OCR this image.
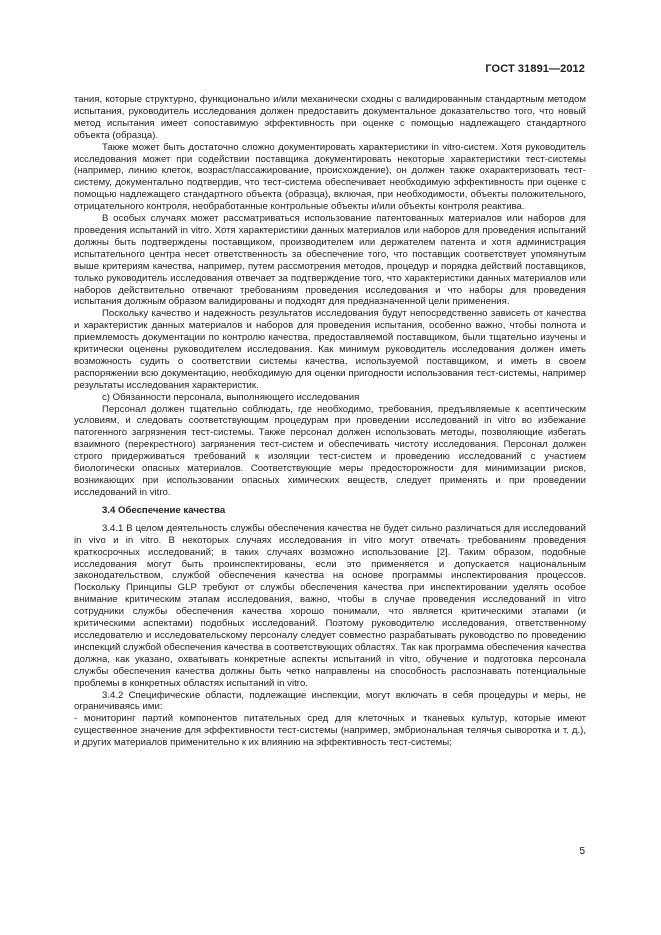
ГОСТ 31891—2012

тания, которые структурно, функционально и/или механически сходны с валидированным стандартным методом испытания, руководитель исследования должен предоставить документальное доказательство того, что новый метод испытания имеет сопоставимую эффективность при оценке с помощью надлежащего стандартного объекта (образца).

Также может быть достаточно сложно документировать характеристики in vitro-систем. Хотя руководитель исследования может при содействии поставщика документировать некоторые характеристики тест-системы (например, линию клеток, возраст/пассажирование, происхождение), он должен также охарактеризовать тест-систему, документально подтвердив, что тест-система обеспечивает необходимую эффективность при оценке с помощью надлежащего стандартного объекта (образца), включая, при необходимости, объекты положительного, отрицательного контроля, необработанные контрольные объекты и/или объекты контроля реактива.

В особых случаях может рассматриваться использование патентованных материалов или наборов для проведения испытаний in vitro. Хотя характеристики данных материалов или наборов для проведения испытаний должны быть подтверждены поставщиком, производителем или держателем патента и хотя администрация испытательного центра несет ответственность за обеспечение того, что поставщик соответствует упомянутым выше критериям качества, например, путем рассмотрения методов, процедур и порядка действий поставщиков, только руководитель исследования отвечает за подтверждение того, что характеристики данных материалов или наборов действительно отвечают требованиям проведения исследования и что наборы для проведения испытания должным образом валидированы и подходят для предназначенной цели применения.

Поскольку качество и надежность результатов исследования будут непосредственно зависеть от качества и характеристик данных материалов и наборов для проведения испытания, особенно важно, чтобы полнота и приемлемость документации по контролю качества, предоставляемой поставщиком, были тщательно изучены и критически оценены руководителем исследования. Как минимум руководитель исследования должен иметь возможность судить о соответствии системы качества, используемой поставщиком, и иметь в своем распоряжении всю документацию, необходимую для оценки пригодности использования тест-системы, например результаты исследования характеристик.

с) Обязанности персонала, выполняющего исследования

Персонал должен тщательно соблюдать, где необходимо, требования, предъявляемые к асептическим условиям, и следовать соответствующим процедурам при проведении исследований in vitro во избежание патогенного загрязнения тест-системы. Также персонал должен использовать методы, позволяющие избегать взаимного (перекрестного) загрязнения тест-систем и обеспечивать чистоту исследования. Персонал должен строго придерживаться требований к изоляции тест-систем и проведению исследований с участием биологически опасных материалов. Соответствующие меры предосторожности для минимизации рисков, возникающих при использовании опасных химических веществ, следует применять и при проведении исследований in vitro.

3.4 Обеспечение качества

3.4.1 В целом деятельность службы обеспечения качества не будет сильно различаться для исследований in vivo и in vitro. В некоторых случаях исследования in vitro могут отвечать требованиям проведения краткосрочных исследований; в таких случаях возможно использование [2]. Таким образом, подобные исследования могут быть проинспектированы, если это применяется и допускается национальным законодательством, службой обеспечения качества на основе программы инспектирования процессов. Поскольку Принципы GLP требуют от службы обеспечения качества при инспектировании уделять особое внимание критическим этапам исследования, важно, чтобы в случае проведения исследований in vitro сотрудники службы обеспечения качества хорошо понимали, что является критическими этапами (и критическими аспектами) подобных исследований. Поэтому руководителю исследования, ответственному исследователю и исследовательскому персоналу следует совместно разрабатывать руководство по проведению инспекций службой обеспечения качества в соответствующих областях. Так как программа обеспечения качества должна, как указано, охватывать конкретные аспекты испытаний in vitro, обучение и подготовка персонала службы обеспечения качества должны быть четко направлены на способность распознавать потенциальные проблемы в конкретных областях испытаний in vitro.

3.4.2 Специфические области, подлежащие инспекции, могут включать в себя процедуры и меры, не ограничиваясь ими:

- мониторинг партий компонентов питательных сред для клеточных и тканевых культур, которые имеют существенное значение для эффективности тест-системы (например, эмбриональная телячья сыворотка и т. д.), и других материалов применительно к их влиянию на эффективность тест-системы;

5
